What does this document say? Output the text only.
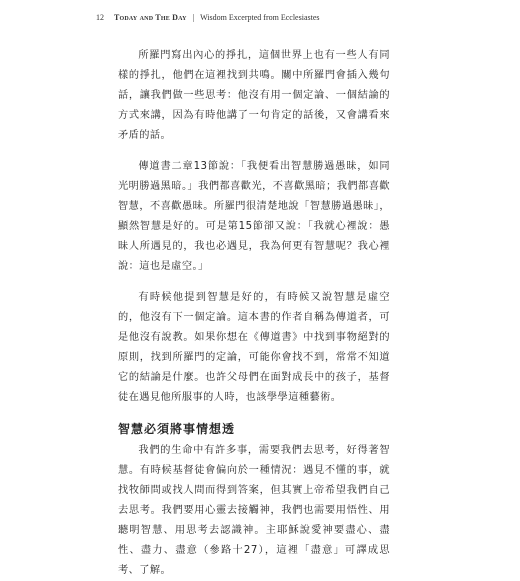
12 Today and The Day | Wisdom Excerpted from Ecclesiastes

所羅門寫出內心的掙扎，這個世界上也有一些人有同樣的掙扎，他們在這裡找到共鳴。關中所羅門會插入幾句話，讓我們做一些思考：他沒有用一個定論、一個結論的方式來講，因為有時他講了一句肯定的話後，又會講看來矛盾的話。

傳道書二章13節說：「我便看出智慧勝過愚昧，如同光明勝過黑暗。」我們都喜歡光，不喜歡黑暗；我們都喜歡智慧，不喜歡愚昧。所羅門很清楚地說「智慧勝過愚昧」，顯然智慧是好的。可是第15節卻又說：「我就心裡說：愚昧人所遇見的，我也必遇見，我為何更有智慧呢？我心裡說：這也是虛空。」

有時候他提到智慧是好的，有時候又說智慧是虛空的，他沒有下一個定論。這本書的作者自稱為傳道者，可是他沒有說教。如果你想在《傳道書》中找到事物絕對的原則，找到所羅門的定論，可能你會找不到，常常不知道它的結論是什麼。也許父母們在面對成長中的孩子，基督徒在遇見他所服事的人時，也該學學這種藝術。

智慧必須將事情想透

我們的生命中有許多事，需要我們去思考，好得著智慧。有時候基督徒會偏向於一種情況：遇見不懂的事，就找牧師問或找人問而得到答案，但其實上帝希望我們自己去思考。我們要用心靈去接觸神，我們也需要用悟性、用聽明智慧、用思考去認識神。主耶穌說愛神要盡心、盡性、盡力、盡意（參路十27），這裡「盡意」可譯成思考、了解。
